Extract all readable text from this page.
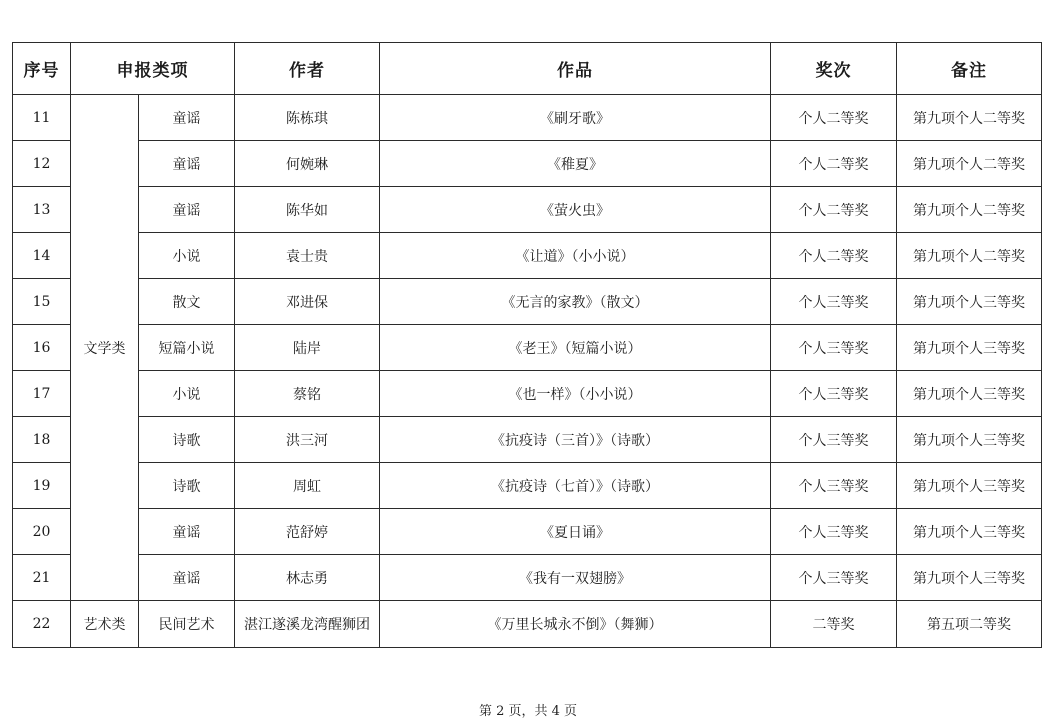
序号	申报类项		作者	作品	奖次	备注
11	文学类	童谣	陈栋琪	《刷牙歌》	个人二等奖	第九项个人二等奖
12		童谣	何婉琳	《稚夏》	个人二等奖	第九项个人二等奖
13		童谣	陈华如	《萤火虫》	个人二等奖	第九项个人二等奖
14		小说	袁士贵	《让道》（小小说）	个人二等奖	第九项个人二等奖
15		散文	邓进保	《无言的家教》（散文）	个人三等奖	第九项个人三等奖
16		短篇小说	陆岸	《老王》（短篇小说）	个人三等奖	第九项个人三等奖
17		小说	蔡铭	《也一样》（小小说）	个人三等奖	第九项个人三等奖
18		诗歌	洪三河	《抗疫诗（三首）》（诗歌）	个人三等奖	第九项个人三等奖
19		诗歌	周虹	《抗疫诗（七首）》（诗歌）	个人三等奖	第九项个人三等奖
20		童谣	范舒婷	《夏日诵》	个人三等奖	第九项个人三等奖
21		童谣	林志勇	《我有一双翅膀》	个人三等奖	第九项个人三等奖
22	艺术类	民间艺术	湛江遂溪龙湾醒狮团	《万里长城永不倒》（舞狮）	二等奖	第五项二等奖
第 2 页，共 4 页
